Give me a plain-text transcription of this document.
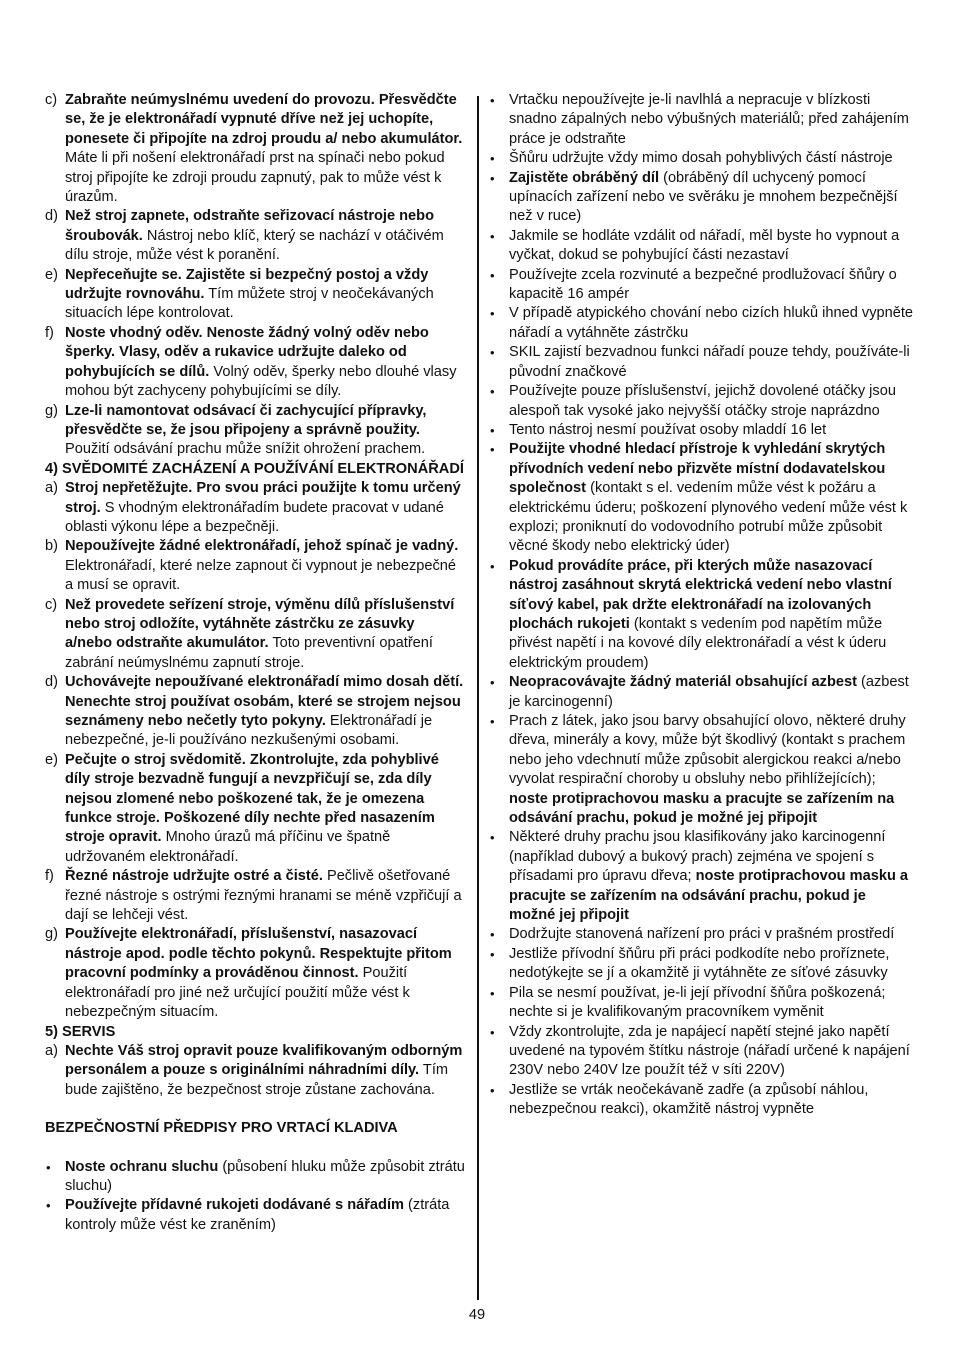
c) Zabraňte neúmyslnému uvedení do provozu. Přesvědčte se, že je elektronářadí vypnuté dříve než jej uchopíte, ponesete či připojíte na zdroj proudu a/ nebo akumulátor. Máte li při nošení elektronářadí prst na spínači nebo pokud stroj připojíte ke zdroji proudu zapnutý, pak to může vést k úrazům.

d) Než stroj zapnete, odstraňte seřizovací nástroje nebo šroubovák. Nástroj nebo klíč, který se nachází v otáčivém dílu stroje, může vést k poranění.

e) Nepřeceňujte se. Zajistěte si bezpečný postoj a vždy udržujte rovnováhu. Tím můžete stroj v neočekávaných situacích lépe kontrolovat.

f) Noste vhodný oděv. Nenoste žádný volný oděv nebo šperky. Vlasy, oděv a rukavice udržujte daleko od pohybujících se dílů. Volný oděv, šperky nebo dlouhé vlasy mohou být zachyceny pohybujícími se díly.

g) Lze-li namontovat odsávací či zachycující přípravky, přesvědčte se, že jsou připojeny a správně použity. Použití odsávání prachu může snížit ohrožení prachem.

4) SVĚDOMITÉ ZACHÁZENÍ A POUŽÍVÁNÍ ELEKTRONÁŘADÍ

a) Stroj nepřetěžujte. Pro svou práci použijte k tomu určený stroj. S vhodným elektronářadím budete pracovat v udané oblasti výkonu lépe a bezpečněji.

b) Nepoužívejte žádné elektronářadí, jehož spínač je vadný. Elektronářadí, které nelze zapnout či vypnout je nebezpečné a musí se opravit.

c) Než provedete seřízení stroje, výměnu dílů příslušenství nebo stroj odložíte, vytáhněte zástrčku ze zásuvky a/nebo odstraňte akumulátor. Toto preventivní opatření zabrání neúmyslnému zapnutí stroje.

d) Uchovávejte nepoužívané elektronářadí mimo dosah dětí. Nenechte stroj používat osobám, které se strojem nejsou seznámeny nebo nečetly tyto pokyny. Elektronářadí je nebezpečné, je-li používáno nezkušenými osobami.

e) Pečujte o stroj svědomitě. Zkontrolujte, zda pohyblivé díly stroje bezvadně fungují a nevzpřičují se, zda díly nejsou zlomené nebo poškozené tak, že je omezena funkce stroje. Poškozené díly nechte před nasazením stroje opravit. Mnoho úrazů má příčinu ve špatně udržovaném elektronářadí.

f) Řezné nástroje udržujte ostré a čisté. Pečlivě ošetřované řezné nástroje s ostrými řeznými hranami se méně vzpřičují a dají se lehčeji vést.

g) Používejte elektronářadí, příslušenství, nasazovací nástroje apod. podle těchto pokynů. Respektujte přitom pracovní podmínky a prováděnou činnost. Použití elektronářadí pro jiné než určující použití může vést k nebezpečným situacím.

5) SERVIS

a) Nechte Váš stroj opravit pouze kvalifikovaným odborným personálem a pouze s originálními náhradními díly. Tím bude zajištěno, že bezpečnost stroje zůstane zachována.

BEZPEČNOSTNÍ PŘEDPISY PRO VRTACÍ KLADIVA

• Noste ochranu sluchu (působení hluku může způsobit ztrátu sluchu)

• Používejte přídavné rukojeti dodávané s nářadím (ztráta kontroly může vést ke zraněním)

• Vrtačku nepoužívejte je-li navlhlá a nepracuje v blízkosti snadno zápalných nebo výbušných materiálů; před zahájením práce je odstraňte

• Šňůru udržujte vždy mimo dosah pohyblivých částí nástroje

• Zajistěte obráběný díl (obráběný díl uchycený pomocí upínacích zařízení nebo ve svěráku je mnohem bezpečnější než v ruce)

• Jakmile se hodláte vzdálit od nářadí, měl byste ho vypnout a vyčkat, dokud se pohybující části nezastaví

• Používejte zcela rozvinuté a bezpečné prodlužovací šňůry o kapacitě 16 ampér

• V případě atypického chování nebo cizích hluků ihned vypněte nářadí a vytáhněte zástrčku

• SKIL zajistí bezvadnou funkci nářadí pouze tehdy, používáte-li původní značkové

• Používejte pouze příslušenství, jejichž dovolené otáčky jsou alespoň tak vysoké jako nejvyšší otáčky stroje naprázdno

• Tento nástroj nesmí používat osoby mladdí 16 let

• Použijte vhodné hledací přístroje k vyhledání skrytých přívodních vedení nebo přizvěte místní dodavatelskou společnost (kontakt s el. vedením může vést k požáru a elektrickému úderu; poškození plynového vedení může vést k explozi; proniknutí do vodovodního potrubí může způsobit věcné škody nebo elektrický úder)

• Pokud provádíte práce, při kterých může nasazovací nástroj zasáhnout skrytá elektrická vedení nebo vlastní síťový kabel, pak držte elektronářadí na izolovaných plochách rukojeti (kontakt s vedením pod napětím může přivést napětí i na kovové díly elektronářadí a vést k úderu elektrickým proudem)

• Neopracovávajte žádný materiál obsahující azbest (azbest je karcinogenní)

• Prach z látek, jako jsou barvy obsahující olovo, některé druhy dřeva, minerály a kovy, může být škodlivý (kontakt s prachem nebo jeho vdechnutí může způsobit alergickou reakci a/nebo vyvolat respirační choroby u obsluhy nebo přihlížejících); noste protiprachovou masku a pracujte se zařízením na odsávání prachu, pokud je možné jej připojit

• Některé druhy prachu jsou klasifikovány jako karcinogenní (například dubový a bukový prach) zejména ve spojení s přísadami pro úpravu dřeva; noste protiprachovou masku a pracujte se zařízením na odsávání prachu, pokud je možné jej připojit

• Dodržujte stanovená nařízení pro práci v prašném prostředí

• Jestliže přívodní šňůru při práci podkodíte nebo proříznete, nedotýkejte se jí a okamžitě ji vytáhněte ze síťové zásuvky

• Pila se nesmí používat, je-li její přívodní šňůra poškozená; nechte si je kvalifikovaným pracovníkem vyměnit

• Vždy zkontrolujte, zda je napájecí napětí stejné jako napětí uvedené na typovém štítku nástroje (nářadí určené k napájení 230V nebo 240V lze použít též v síti 220V)

• Jestliže se vrták neočekávaně zadře (a způsobí náhlou, nebezpečnou reakci), okamžitě nástroj vypněte

49
